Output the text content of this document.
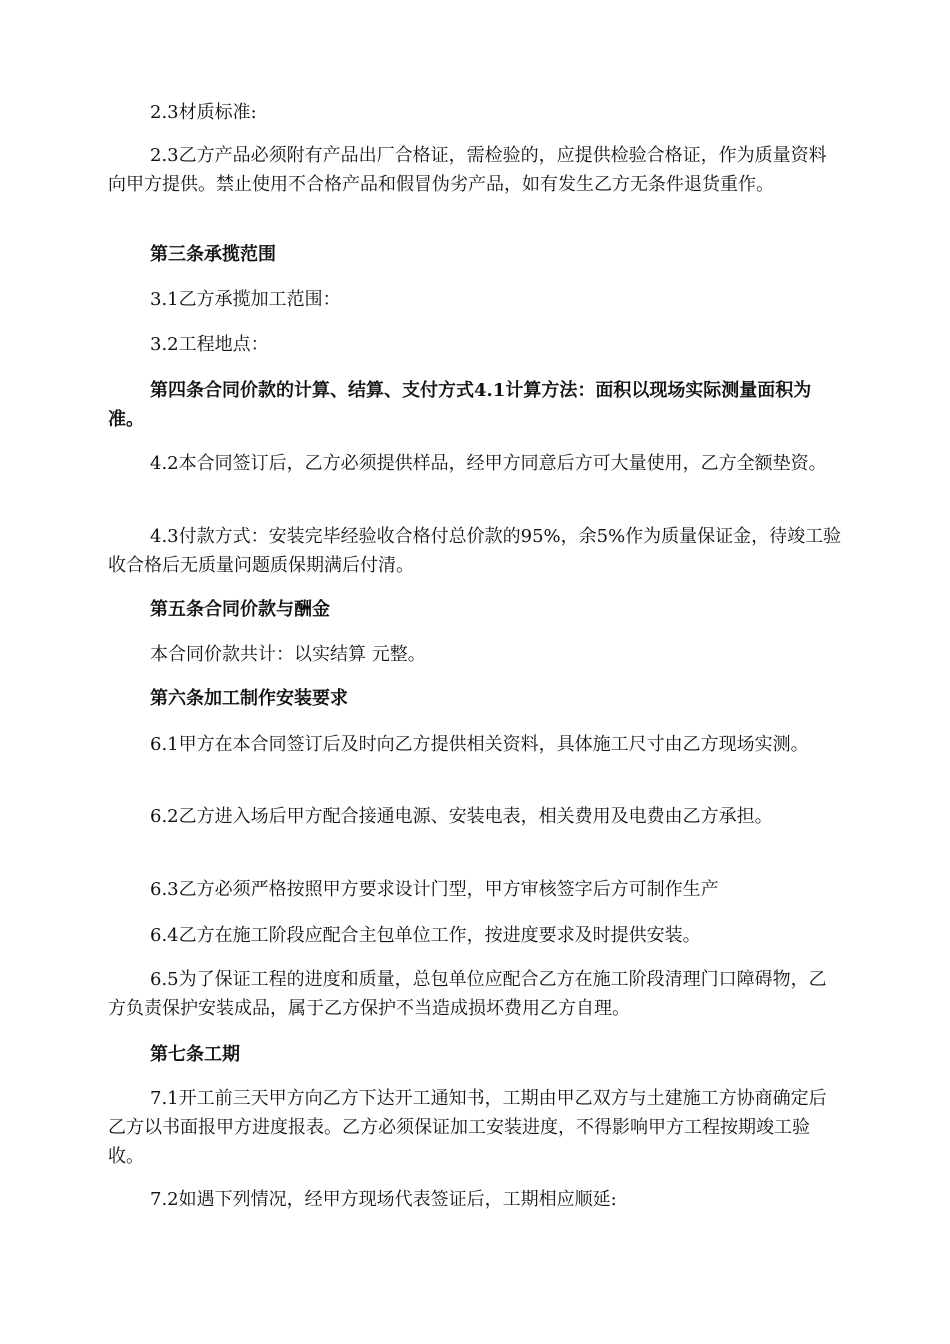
2.3材质标准:

2.3乙方产品必须附有产品出厂合格证，需检验的，应提供检验合格证，作为质量资料向甲方提供。禁止使用不合格产品和假冒伪劣产品，如有发生乙方无条件退货重作。

第三条承揽范围

3.1乙方承揽加工范围：

3.2工程地点：

第四条合同价款的计算、结算、支付方式4.1计算方法：面积以现场实际测量面积为准。

4.2本合同签订后，乙方必须提供样品，经甲方同意后方可大量使用，乙方全额垫资。

4.3付款方式：安装完毕经验收合格付总价款的95%，余5%作为质量保证金，待竣工验收合格后无质量问题质保期满后付清。

第五条合同价款与酬金

本合同价款共计：以实结算 元整。

第六条加工制作安装要求

6.1甲方在本合同签订后及时向乙方提供相关资料，具体施工尺寸由乙方现场实测。

6.2乙方进入场后甲方配合接通电源、安装电表，相关费用及电费由乙方承担。

6.3乙方必须严格按照甲方要求设计门型，甲方审核签字后方可制作生产

6.4乙方在施工阶段应配合主包单位工作，按进度要求及时提供安装。

6.5为了保证工程的进度和质量，总包单位应配合乙方在施工阶段清理门口障碍物，乙方负责保护安装成品，属于乙方保护不当造成损坏费用乙方自理。

第七条工期

7.1开工前三天甲方向乙方下达开工通知书，工期由甲乙双方与土建施工方协商确定后乙方以书面报甲方进度报表。乙方必须保证加工安装进度，不得影响甲方工程按期竣工验收。

7.2如遇下列情况，经甲方现场代表签证后，工期相应顺延:
